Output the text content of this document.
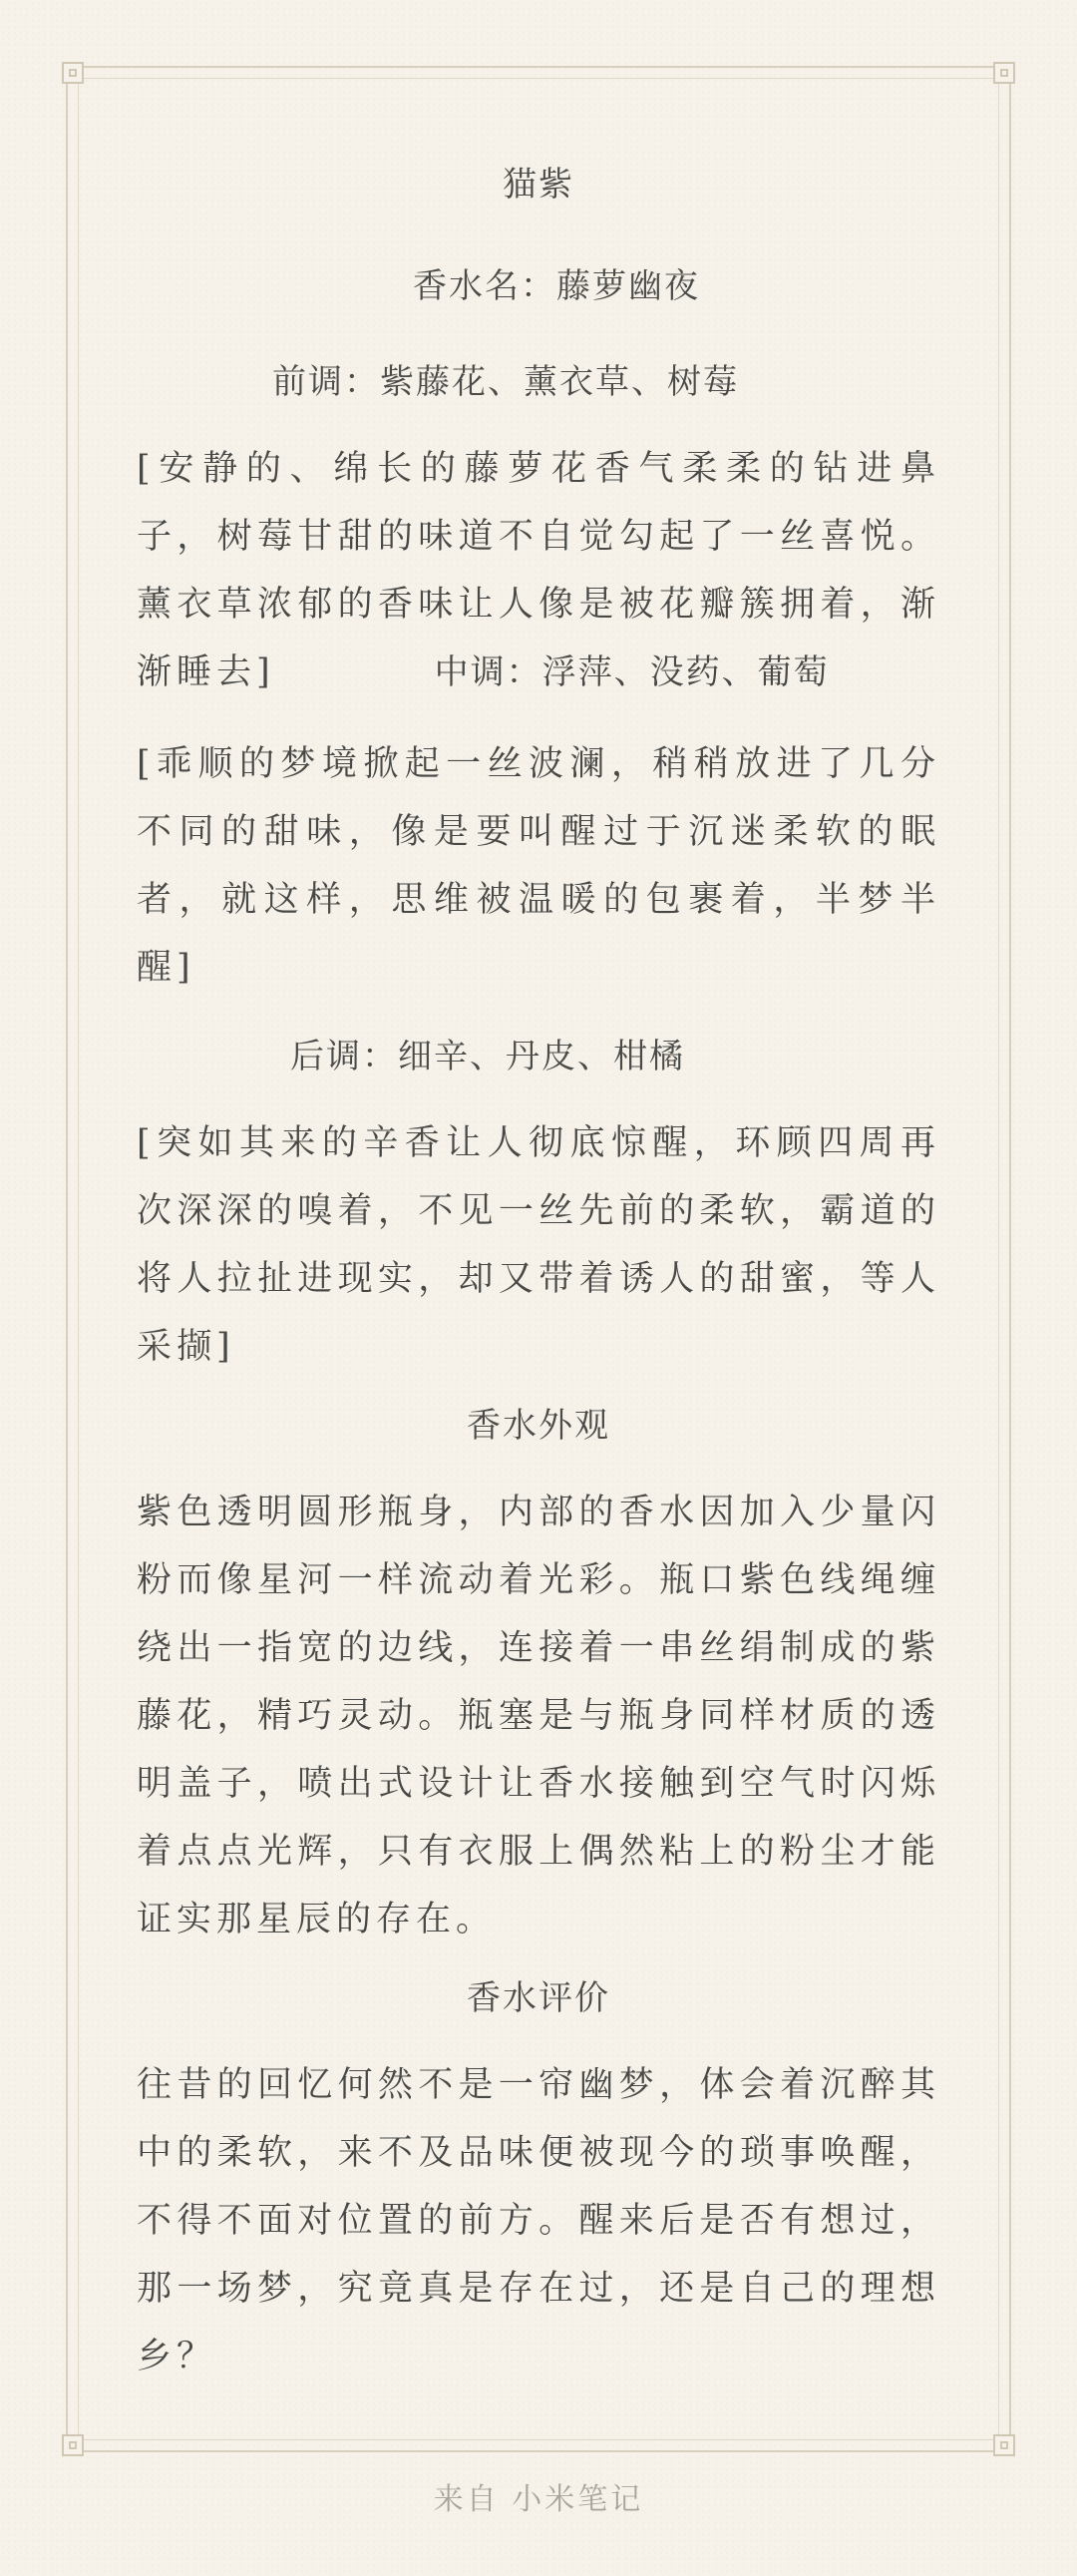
猫紫
香水名：藤萝幽夜
前调：紫藤花、薰衣草、树莓
[安静的、绵长的藤萝花香气柔柔的钻进鼻子，树莓甘甜的味道不自觉勾起了一丝喜悦。薰衣草浓郁的香味让人像是被花瓣簇拥着，渐渐睡去]	中调：浮萍、没药、葡萄
[乖顺的梦境掀起一丝波澜，稍稍放进了几分不同的甜味，像是要叫醒过于沉迷柔软的眠者，就这样，思维被温暖的包裹着，半梦半醒]
后调：细辛、丹皮、柑橘
[突如其来的辛香让人彻底惊醒，环顾四周再次深深的嗅着，不见一丝先前的柔软，霸道的将人拉扯进现实，却又带着诱人的甜蜜，等人采撷]
香水外观
紫色透明圆形瓶身，内部的香水因加入少量闪粉而像星河一样流动着光彩。瓶口紫色线绳缠绕出一指宽的边线，连接着一串丝绢制成的紫藤花，精巧灵动。瓶塞是与瓶身同样材质的透明盖子，喷出式设计让香水接触到空气时闪烁着点点光辉，只有衣服上偶然粘上的粉尘才能证实那星辰的存在。
香水评价
往昔的回忆何然不是一帘幽梦，体会着沉醉其中的柔软，来不及品味便被现今的琐事唤醒，不得不面对位置的前方。醒来后是否有想过，那一场梦，究竟真是存在过，还是自己的理想乡？
来自 小米笔记
